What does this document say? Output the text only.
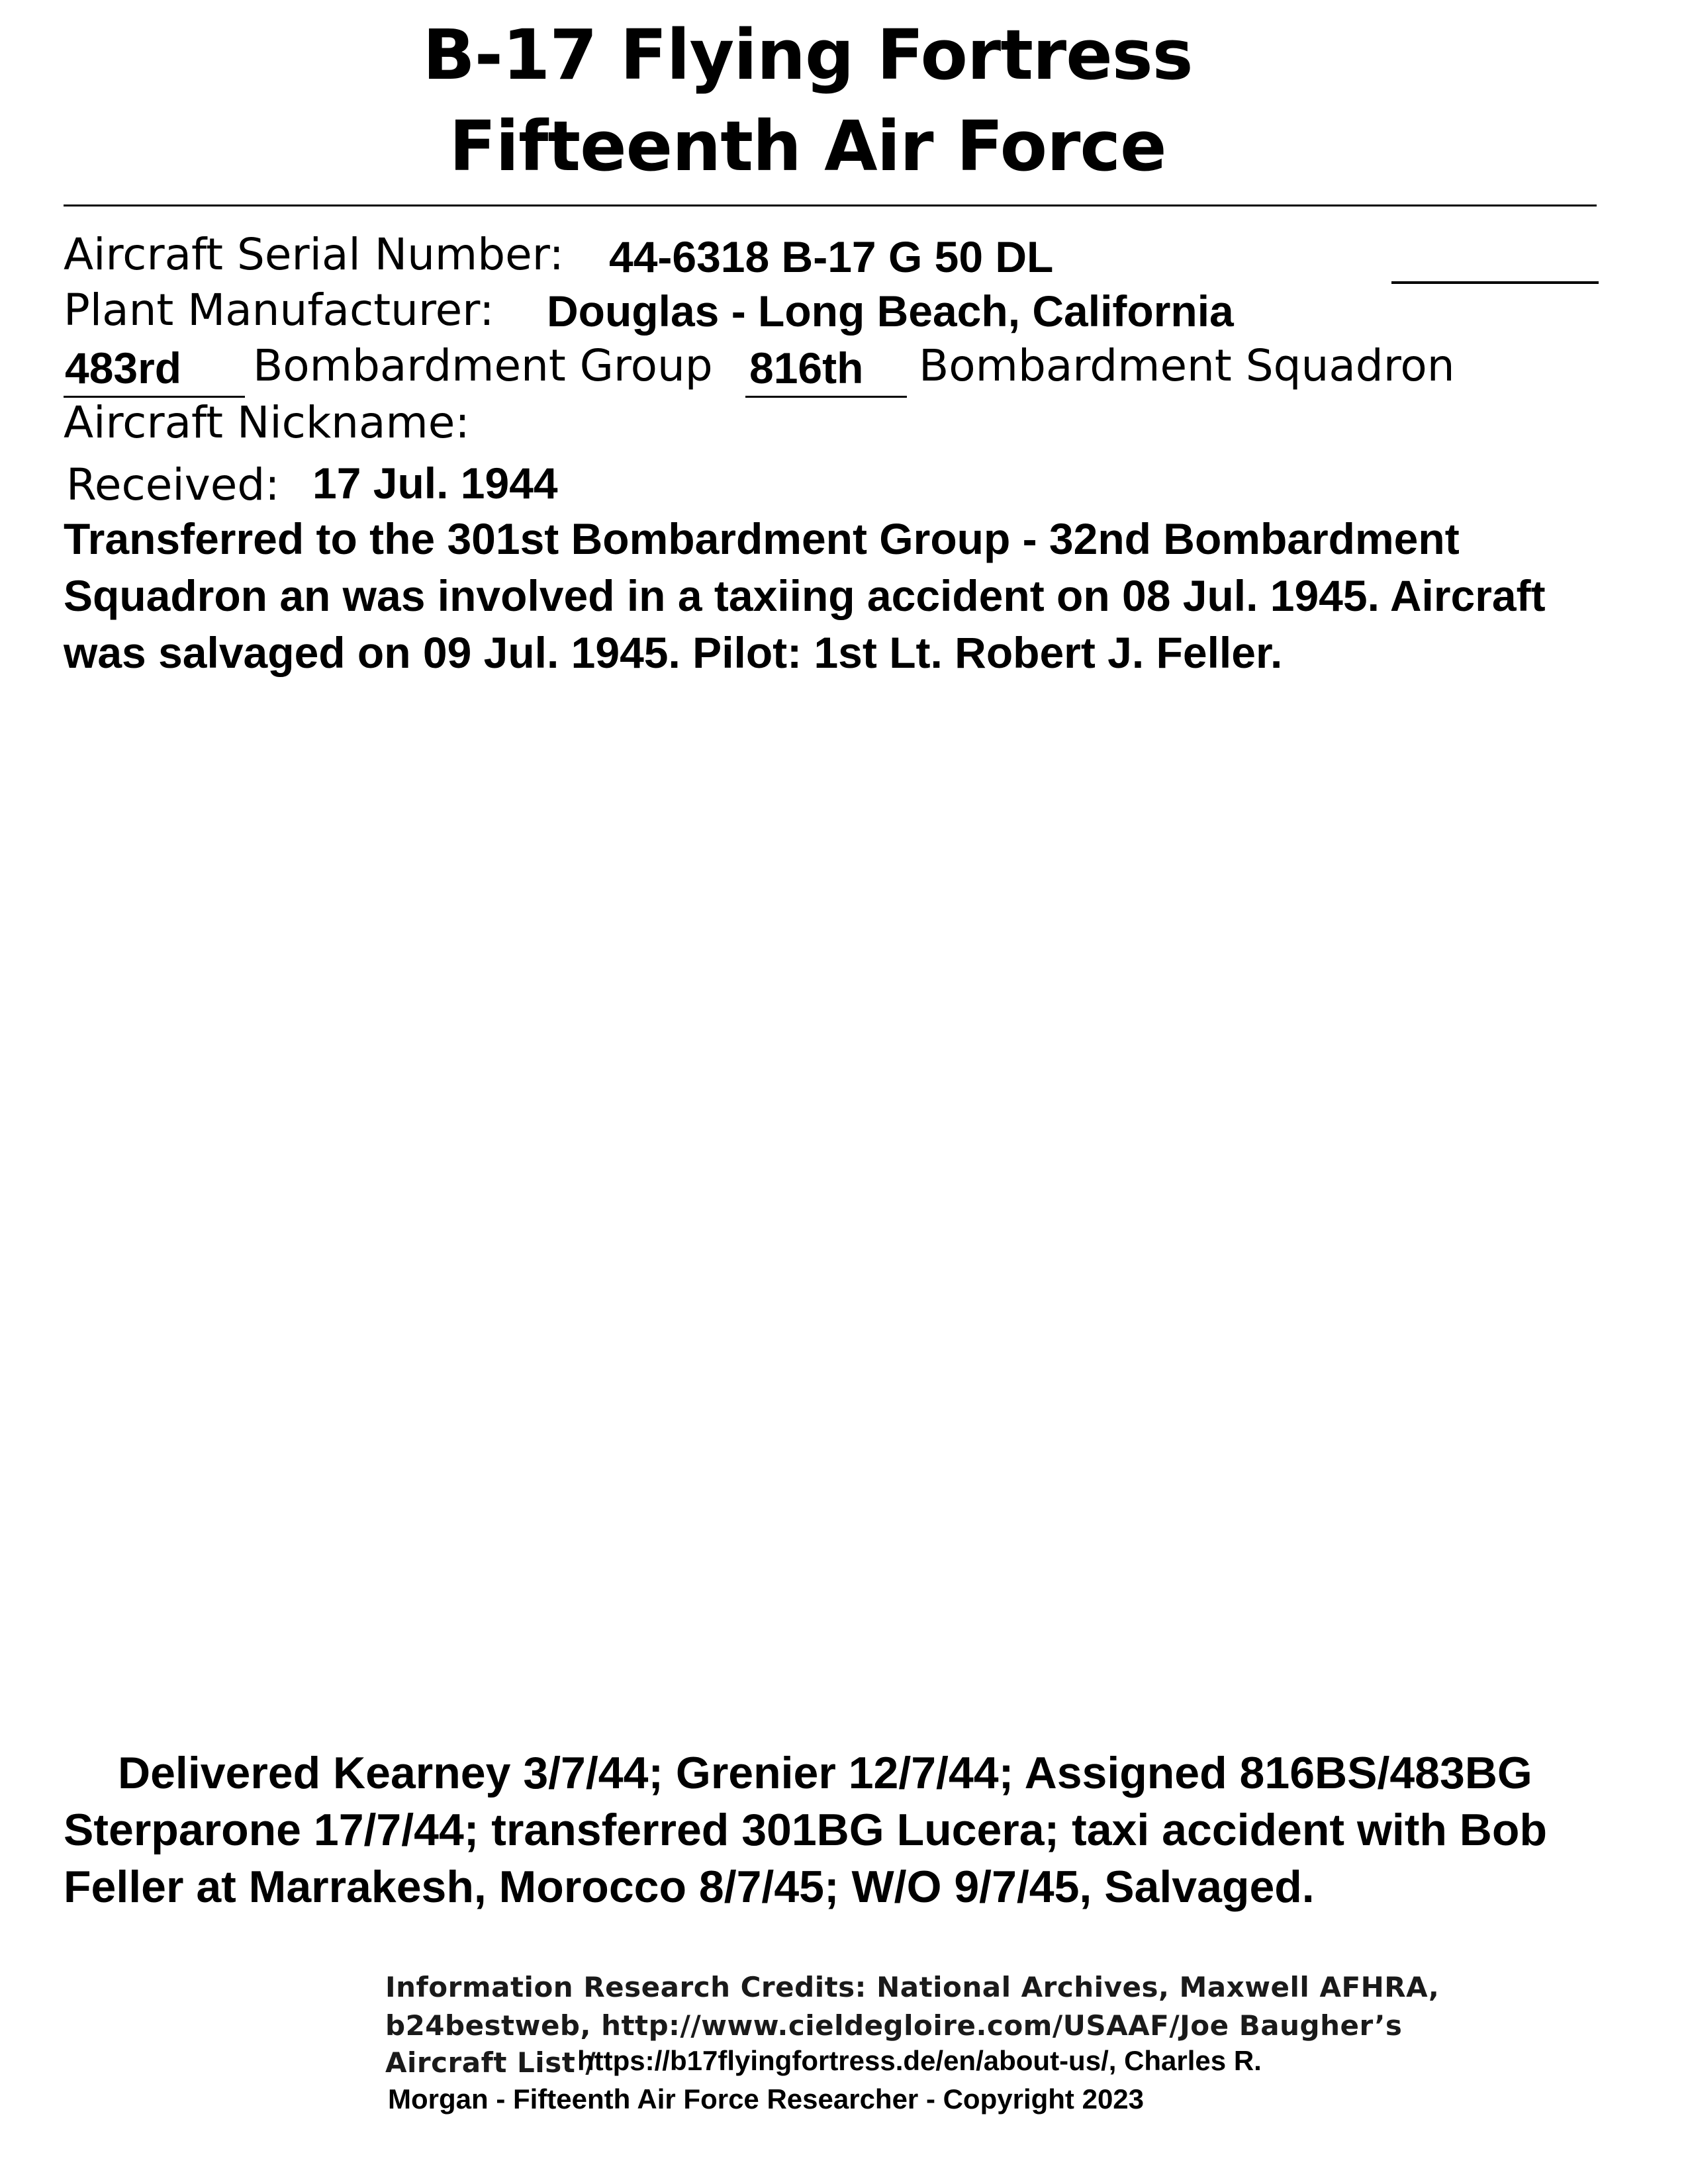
B-17 Flying Fortress
Fifteenth Air Force
Aircraft Serial Number: 44-6318 B-17 G 50 DL
Plant Manufacturer: Douglas - Long Beach, California
483rd Bombardment Group 816th Bombardment Squadron
Aircraft Nickname:
Received: 17 Jul. 1944
Transferred to the 301st Bombardment Group - 32nd Bombardment
Squadron an was involved in a taxiing accident on 08 Jul. 1945. Aircraft
was salvaged on 09 Jul. 1945. Pilot: 1st Lt. Robert J. Feller.
Delivered Kearney 3/7/44; Grenier 12/7/44; Assigned 816BS/483BG
Sterparone 17/7/44; transferred 301BG Lucera; taxi accident with Bob
Feller at Marrakesh, Morocco 8/7/45; W/O 9/7/45, Salvaged.
Information Research Credits: National Archives, Maxwell AFHRA,
b24bestweb, http://www.cieldegloire.com/USAAF/Joe Baugher’s
Aircraft List /
https://b17flyingfortress.de/en/about-us/, Charles R.
Morgan - Fifteenth Air Force Researcher - Copyright 2023
